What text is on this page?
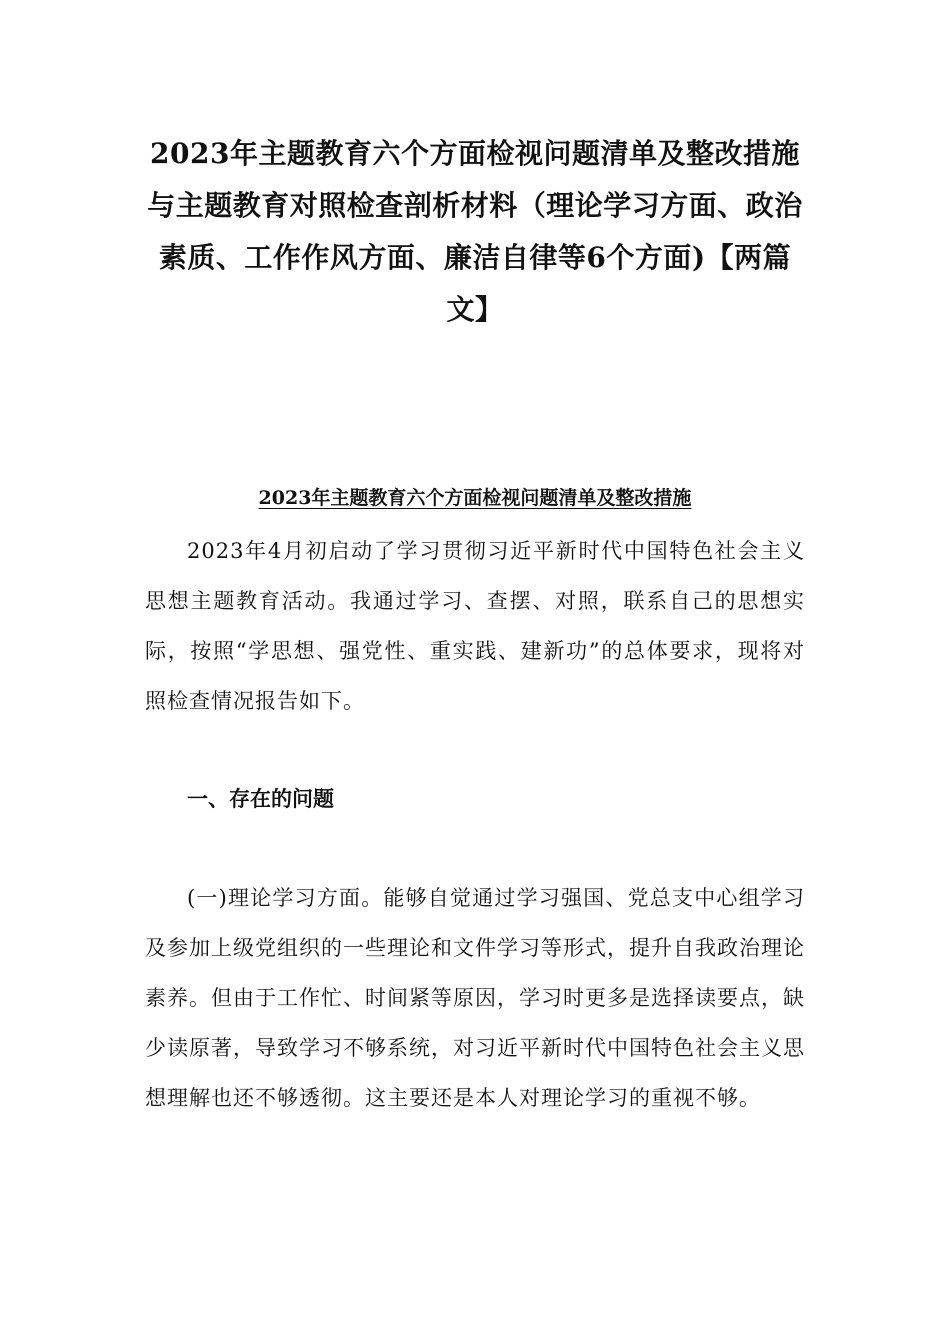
2023年主题教育六个方面检视问题清单及整改措施与主题教育对照检查剖析材料（理论学习方面、政治素质、工作作风方面、廉洁自律等6个方面)【两篇文】
2023年主题教育六个方面检视问题清单及整改措施

2023年4月初启动了学习贯彻习近平新时代中国特色社会主义思想主题教育活动。我通过学习、查摆、对照，联系自己的思想实际，按照“学思想、强党性、重实践、建新功”的总体要求，现将对照检查情况报告如下。

一、存在的问题

(一)理论学习方面。能够自觉通过学习强国、党总支中心组学习及参加上级党组织的一些理论和文件学习等形式，提升自我政治理论素养。但由于工作忙、时间紧等原因，学习时更多是选择读要点，缺少读原著，导致学习不够系统，对习近平新时代中国特色社会主义思想理解也还不够透彻。这主要还是本人对理论学习的重视不够。
